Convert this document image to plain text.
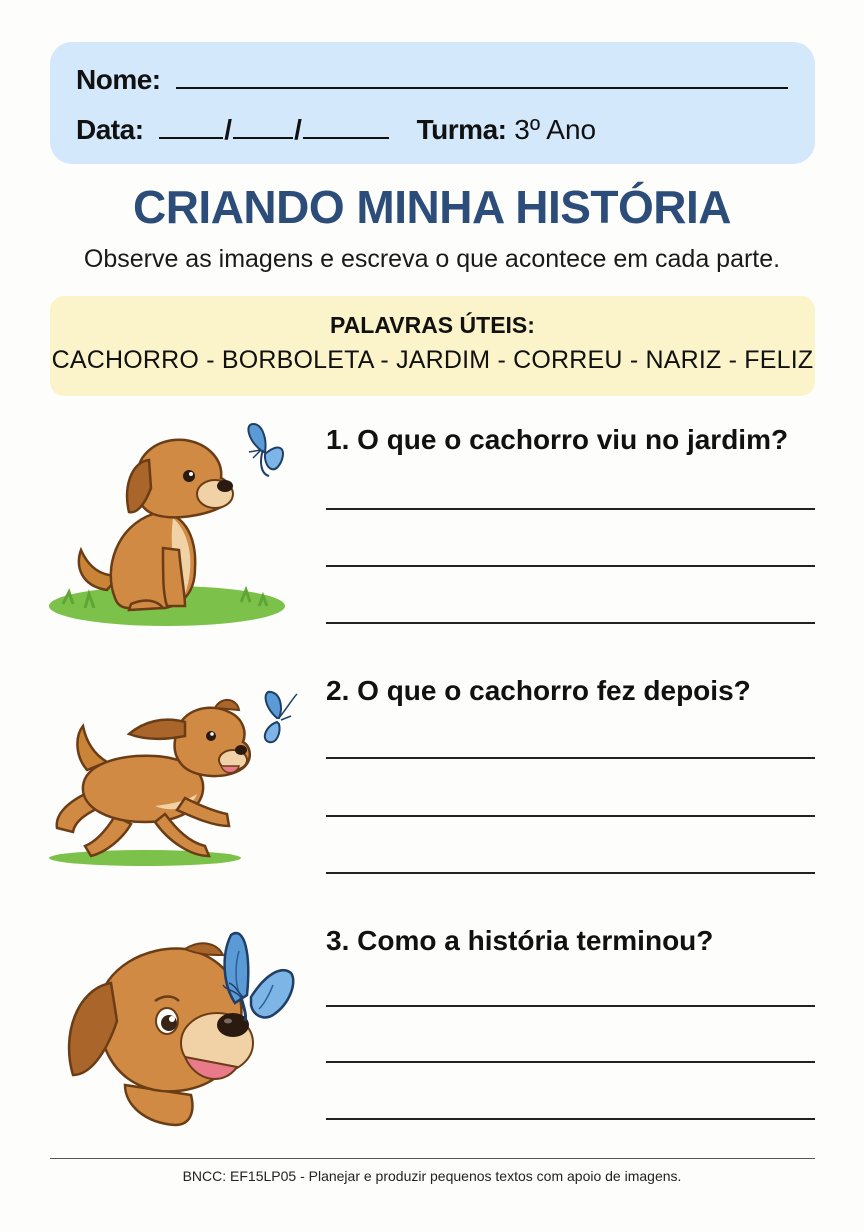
Nome:
Data:	/ /	Turma: 3º Ano
CRIANDO MINHA HISTÓRIA
Observe as imagens e escreva o que acontece em cada parte.
PALAVRAS ÚTEIS:
CACHORRO - BORBOLETA - JARDIM - CORREU - NARIZ - FELIZ
1. O que o cachorro viu no jardim?
2. O que o cachorro fez depois?
3. Como a história terminou?
BNCC: EF15LP05 - Planejar e produzir pequenos textos com apoio de imagens.
